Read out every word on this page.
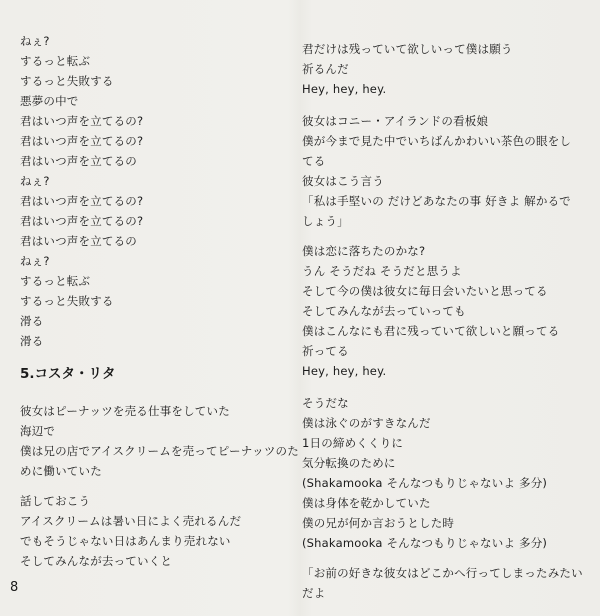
ねぇ?
するっと転ぶ
するっと失敗する
悪夢の中で
君はいつ声を立てるの?
君はいつ声を立てるの?
君はいつ声を立てるの
ねぇ?
君はいつ声を立てるの?
君はいつ声を立てるの?
君はいつ声を立てるの
ねぇ?
するっと転ぶ
するっと失敗する
滑る
滑る
5.コスタ・リタ
彼女はピーナッツを売る仕事をしていた
海辺で
僕は兄の店でアイスクリームを売ってピーナッツのた
めに働いていた
話しておこう
アイスクリームは暑い日によく売れるんだ
でもそうじゃない日はあんまり売れない
そしてみんなが去っていくと
君だけは残っていて欲しいって僕は願う
祈るんだ
Hey, hey, hey.
彼女はコニー・アイランドの看板娘
僕が今まで見た中でいちばんかわいい茶色の眼をし
てる
彼女はこう言う
「私は手堅いの だけどあなたの事 好きよ 解かるで
しょう」
僕は恋に落ちたのかな?
うん そうだね そうだと思うよ
そして今の僕は彼女に毎日会いたいと思ってる
そしてみんなが去っていっても
僕はこんなにも君に残っていて欲しいと願ってる
祈ってる
Hey, hey, hey.
そうだな
僕は泳ぐのがすきなんだ
1日の締めくくりに
気分転換のために
(Shakamooka そんなつもりじゃないよ 多分)
僕は身体を乾かしていた
僕の兄が何か言おうとした時
(Shakamooka そんなつもりじゃないよ 多分)
「お前の好きな彼女はどこかへ行ってしまったみたい
だよ
8
